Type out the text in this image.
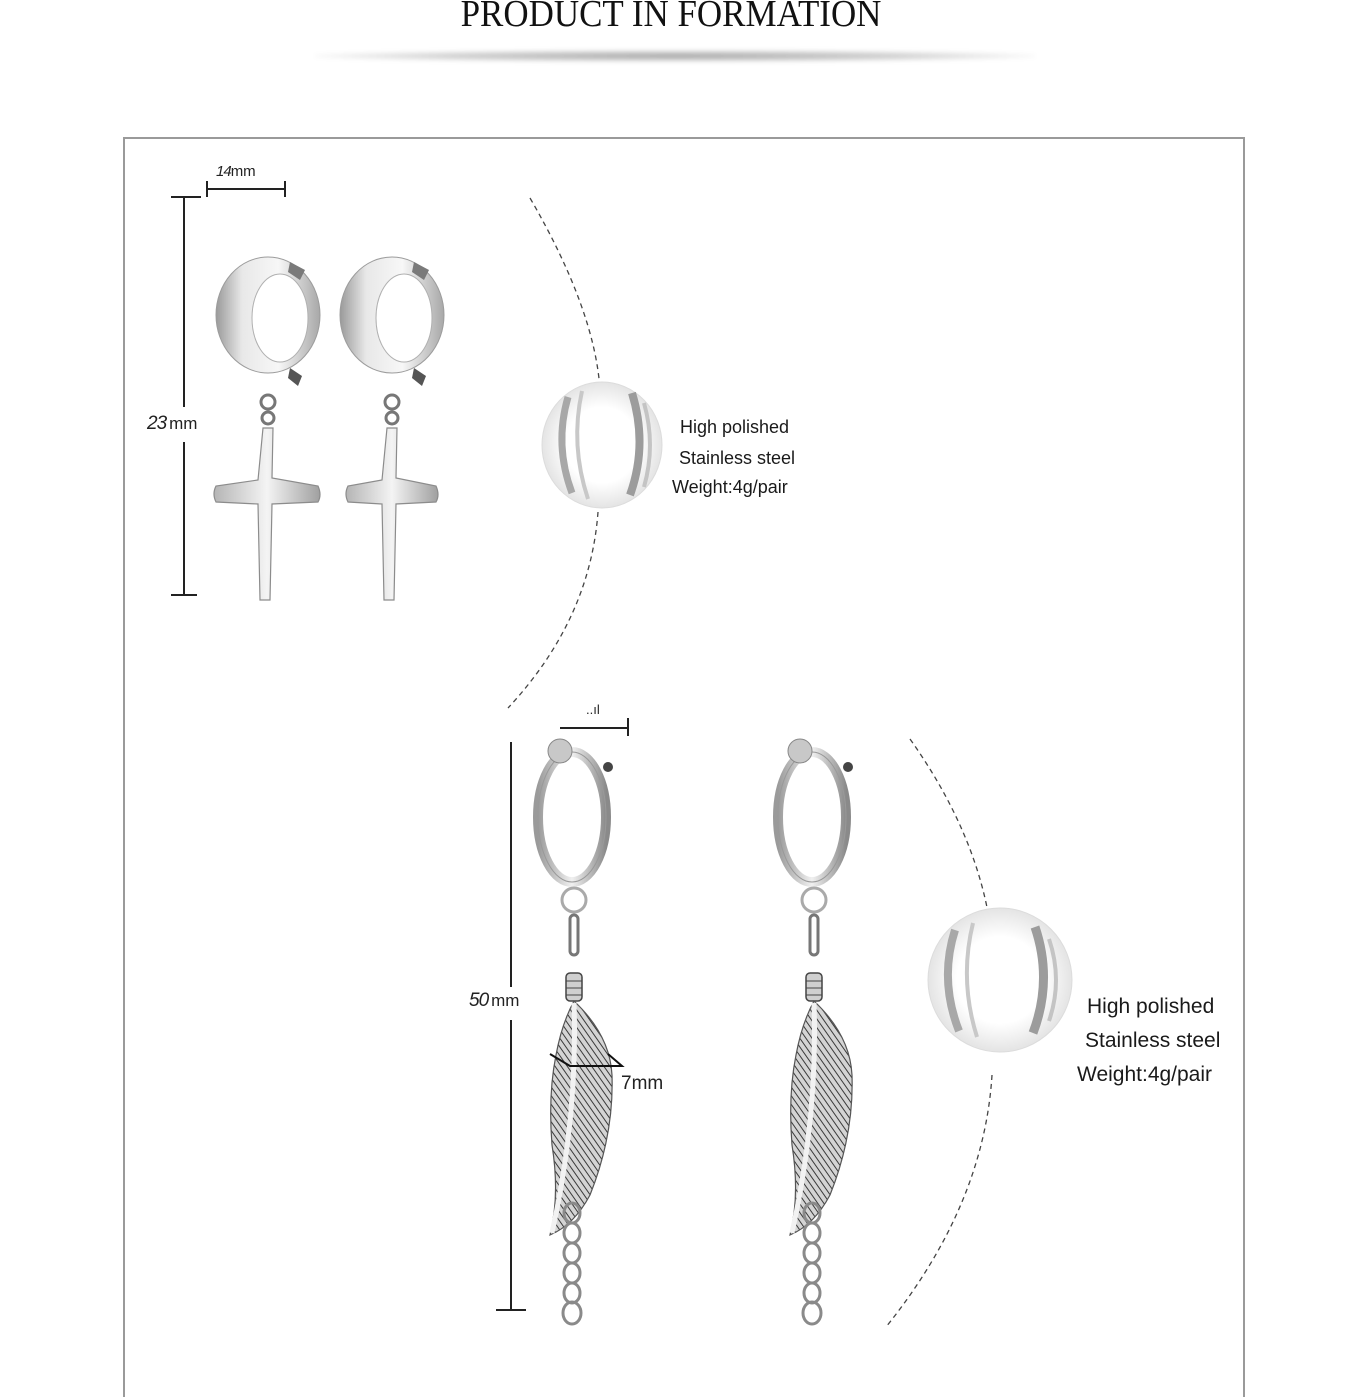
PRODUCT IN FORMATION
14mm
23 mm	High polished
Stainless steel
Weight:4g/pair
..ıl
50 mm
7mm
High polished
Stainless steel
Weight:4g/pair
